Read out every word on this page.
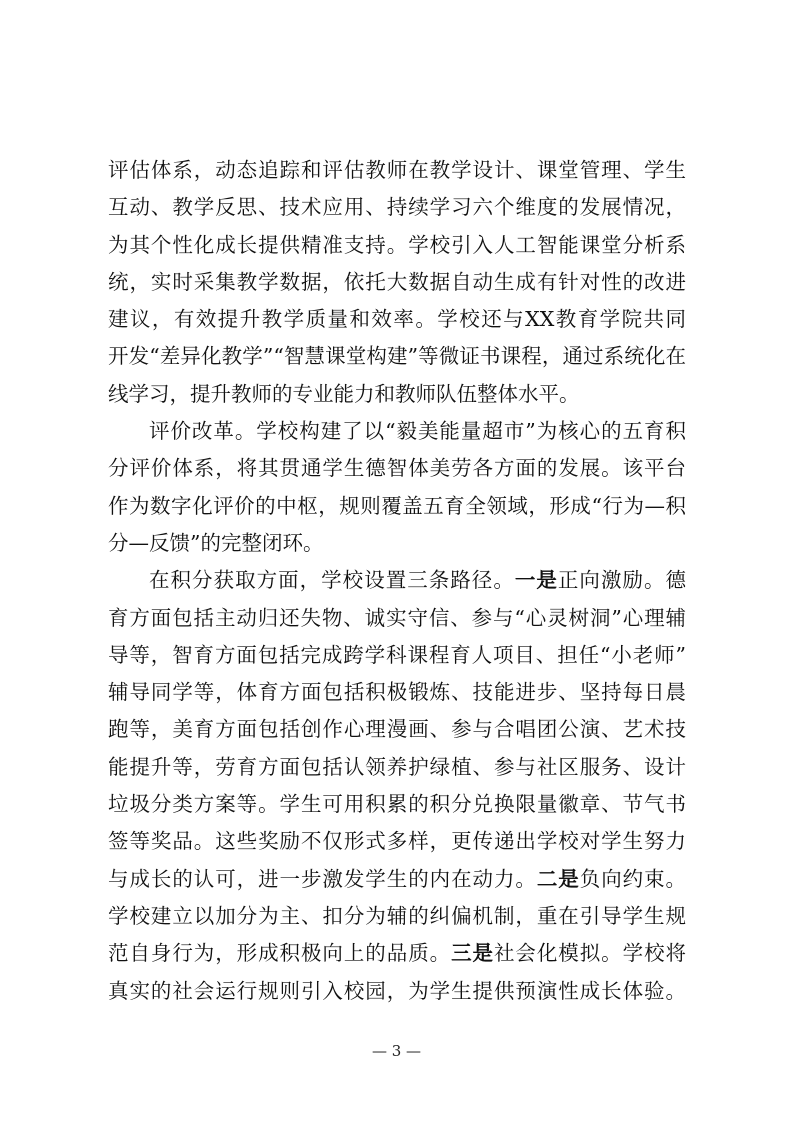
评估体系，动态追踪和评估教师在教学设计、课堂管理、学生
互动、教学反思、技术应用、持续学习六个维度的发展情况，
为其个性化成长提供精准支持。学校引入人工智能课堂分析系
统，实时采集教学数据，依托大数据自动生成有针对性的改进
建议，有效提升教学质量和效率。学校还与XX教育学院共同
开发“差异化教学”“智慧课堂构建”等微证书课程，通过系统化在
线学习，提升教师的专业能力和教师队伍整体水平。
评价改革。学校构建了以“毅美能量超市”为核心的五育积
分评价体系，将其贯通学生德智体美劳各方面的发展。该平台
作为数字化评价的中枢，规则覆盖五育全领域，形成“行为—积
分—反馈”的完整闭环。
在积分获取方面，学校设置三条路径。一是正向激励。德
育方面包括主动归还失物、诚实守信、参与“心灵树洞”心理辅
导等，智育方面包括完成跨学科课程育人项目、担任“小老师”
辅导同学等，体育方面包括积极锻炼、技能进步、坚持每日晨
跑等，美育方面包括创作心理漫画、参与合唱团公演、艺术技
能提升等，劳育方面包括认领养护绿植、参与社区服务、设计
垃圾分类方案等。学生可用积累的积分兑换限量徽章、节气书
签等奖品。这些奖励不仅形式多样，更传递出学校对学生努力
与成长的认可，进一步激发学生的内在动力。二是负向约束。
学校建立以加分为主、扣分为辅的纠偏机制，重在引导学生规
范自身行为，形成积极向上的品质。三是社会化模拟。学校将
真实的社会运行规则引入校园，为学生提供预演性成长体验。
— 3 —
